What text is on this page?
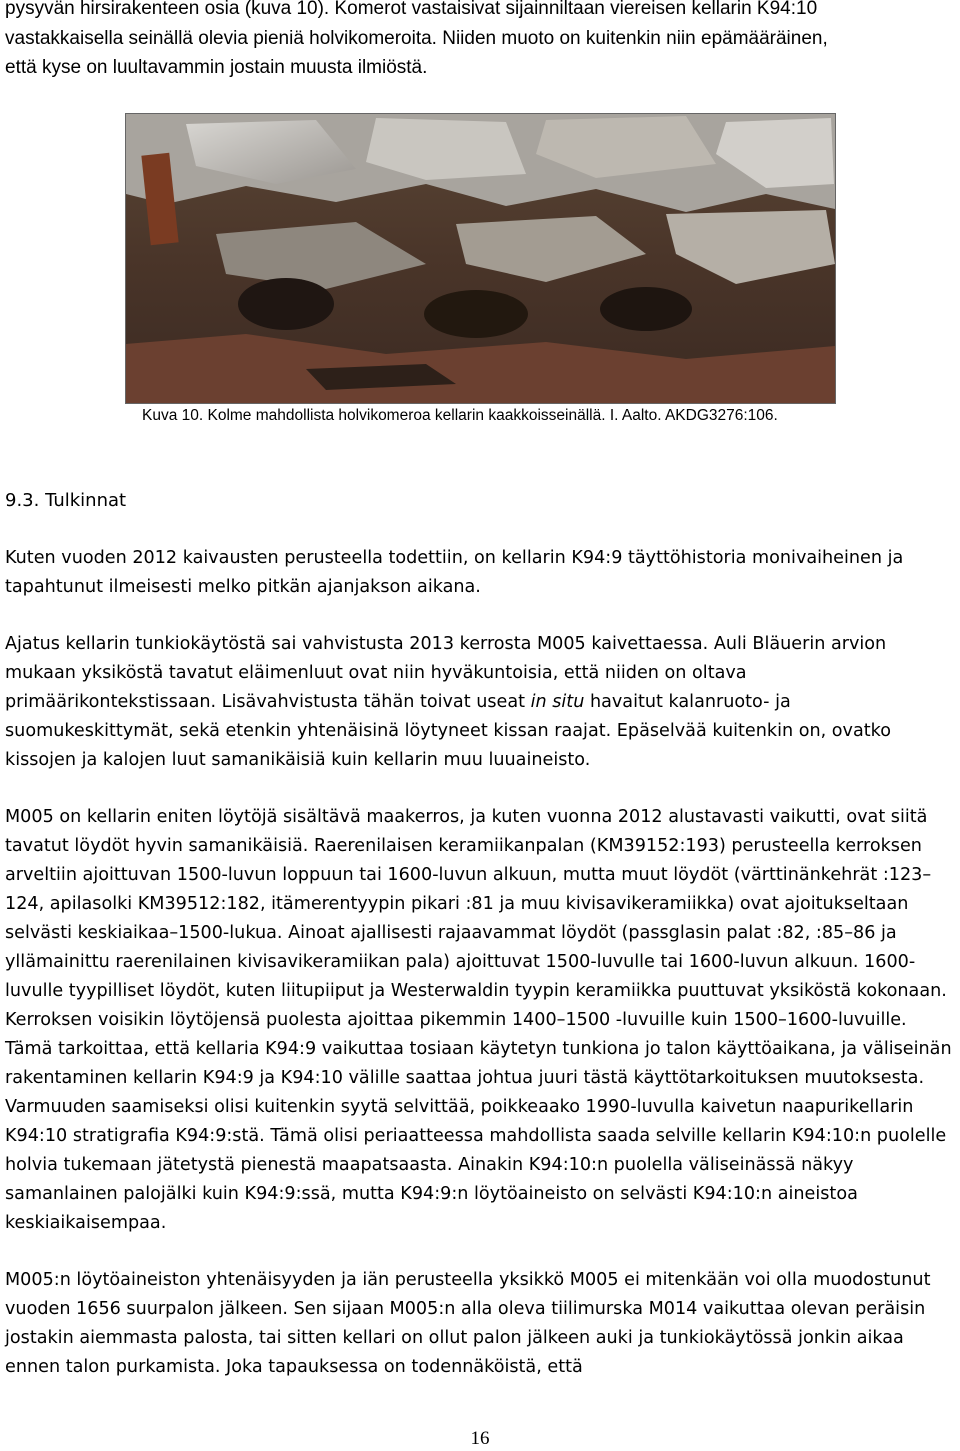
pysyvän hirsirakenteen osia (kuva 10). Komerot vastaisivat sijainniltaan viereisen kellarin K94:10

vastakkaisella seinällä olevia pieniä holvikomeroita. Niiden muoto on kuitenkin niin epämääräinen,

että kyse on luultavammin jostain muusta ilmiöstä.

Kuva 10. Kolme mahdollista holvikomeroa kellarin kaakkoisseinällä. I. Aalto. AKDG3276:106.
9.3. Tulkinnat

Kuten vuoden 2012 kaivausten perusteella todettiin, on kellarin K94:9 täyttöhistoria monivaiheinen ja tapahtunut ilmeisesti melko pitkän ajanjakson aikana.

Ajatus kellarin tunkiokäytöstä sai vahvistusta 2013 kerrosta M005 kaivettaessa. Auli Bläuerin arvion mukaan yksiköstä tavatut eläimenluut ovat niin hyväkuntoisia, että niiden on oltava primäärikontekstissaan. Lisävahvistusta tähän toivat useat in situ havaitut kalanruoto- ja suomukeskittymät, sekä etenkin yhtenäisinä löytyneet kissan raajat. Epäselvää kuitenkin on, ovatko kissojen ja kalojen luut samanikäisiä kuin kellarin muu luuaineisto.

M005 on kellarin eniten löytöjä sisältävä maakerros, ja kuten vuonna 2012 alustavasti vaikutti, ovat siitä tavatut löydöt hyvin samanikäisiä. Raerenilaisen keramiikanpalan (KM39152:193) perusteella kerroksen arveltiin ajoittuvan 1500-luvun loppuun tai 1600-luvun alkuun, mutta muut löydöt (värttinänkehrät :123–124, apilasolki KM39512:182, itämerentyypin pikari :81 ja muu kivisavikeramiikka) ovat ajoitukseltaan selvästi keskiaikaa–1500-lukua. Ainoat ajallisesti rajaavammat löydöt (passglasin palat :82, :85–86 ja yllämainittu raerenilainen kivisavikeramiikan pala) ajoittuvat 1500-luvulle tai 1600-luvun alkuun. 1600-luvulle tyypilliset löydöt, kuten liitupiiput ja Westerwaldin tyypin keramiikka puuttuvat yksiköstä kokonaan. Kerroksen voisikin löytöjensä puolesta ajoittaa pikemmin 1400–1500 -luvuille kuin 1500–1600-luvuille. Tämä tarkoittaa, että kellaria K94:9 vaikuttaa tosiaan käytetyn tunkiona jo talon käyttöaikana, ja väliseinän rakentaminen kellarin K94:9 ja K94:10 välille saattaa johtua juuri tästä käyttötarkoituksen muutoksesta. Varmuuden saamiseksi olisi kuitenkin syytä selvittää, poikkeaako 1990-luvulla kaivetun naapurikellarin K94:10 stratigrafia K94:9:stä. Tämä olisi periaatteessa mahdollista saada selville kellarin K94:10:n puolelle holvia tukemaan jätetystä pienestä maapatsaasta. Ainakin K94:10:n puolella väliseinässä näkyy samanlainen palojälki kuin K94:9:ssä, mutta K94:9:n löytöaineisto on selvästi K94:10:n aineistoa keskiaikaisempaa.

M005:n löytöaineiston yhtenäisyyden ja iän perusteella yksikkö M005 ei mitenkään voi olla muodostunut vuoden 1656 suurpalon jälkeen. Sen sijaan M005:n alla oleva tiilimurska M014 vaikuttaa olevan peräisin jostakin aiemmasta palosta, tai sitten kellari on ollut palon jälkeen auki ja tunkiokäytössä jonkin aikaa ennen talon purkamista. Joka tapauksessa on todennäköistä, että

16
